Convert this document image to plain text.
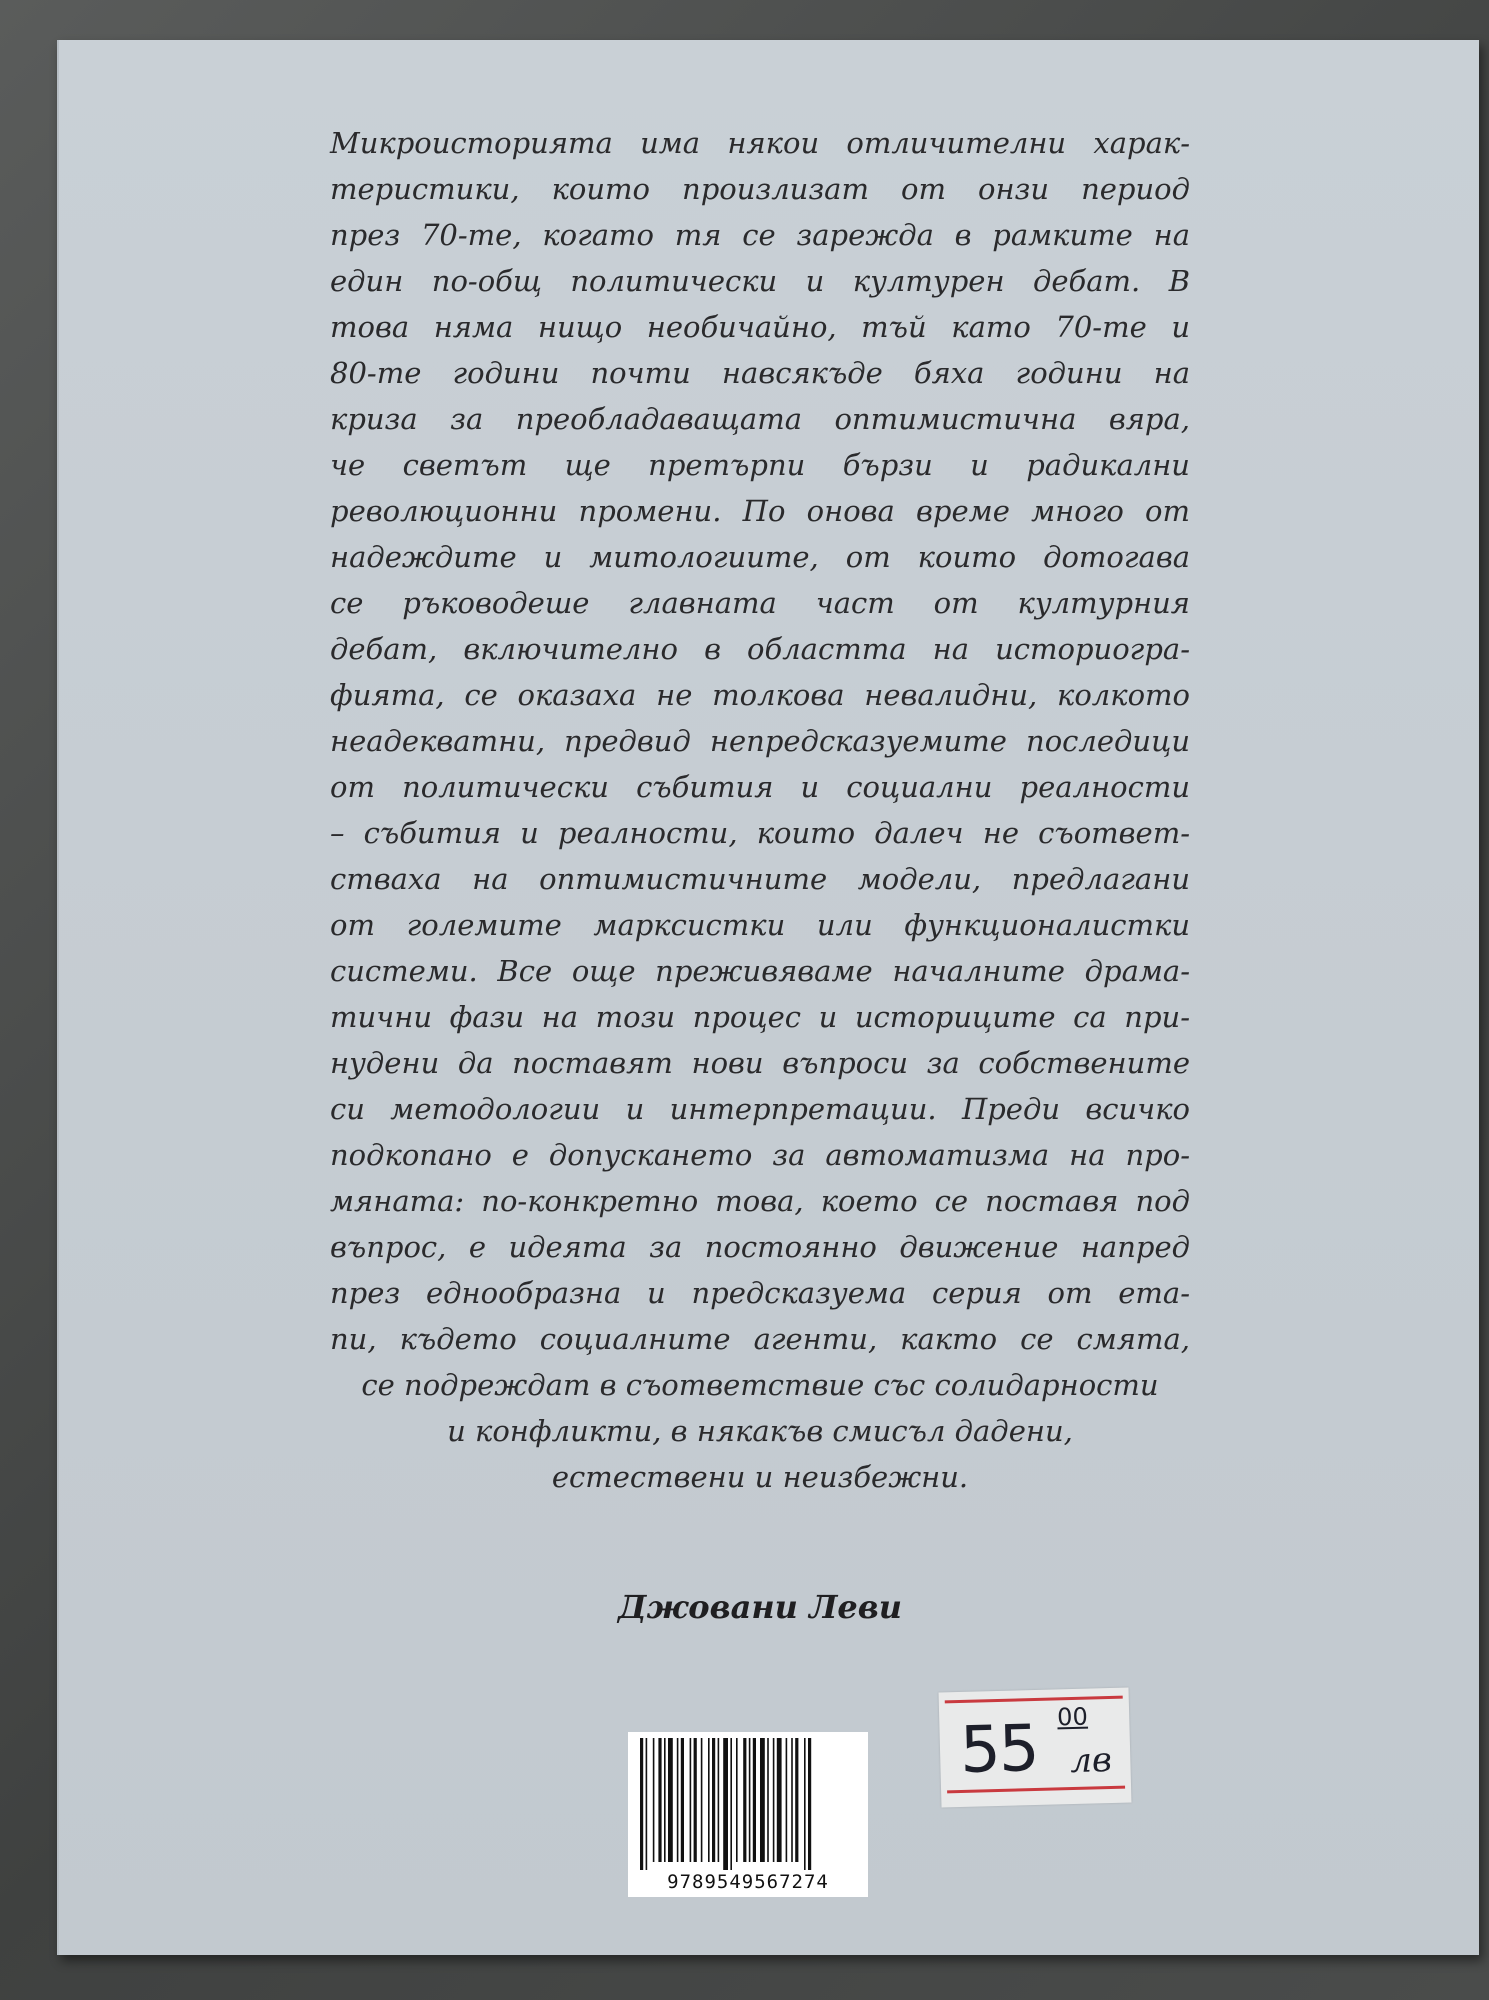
Микроисторията има някои отличителни харак-
теристики, които произлизат от онзи период
през 70-те, когато тя се зарежда в рамките на
един по-общ политически и културен дебат. В
това няма нищо необичайно, тъй като 70-те и
80-те години почти навсякъде бяха години на
криза за преобладаващата оптимистична вяра,
че светът ще претърпи бързи и радикални
революционни промени. По онова време много от
надеждите и митологиите, от които дотогава
се ръководеше главната част от културния
дебат, включително в областта на историогра-
фията, се оказаха не толкова невалидни, колкото
неадекватни, предвид непредсказуемите последици
от политически събития и социални реалности
– събития и реалности, които далеч не съответ-
стваха на оптимистичните модели, предлагани
от големите марксистки или функционалистки
системи. Все още преживяваме началните драма-
тични фази на този процес и историците са при-
нудени да поставят нови въпроси за собствените
си методологии и интерпретации. Преди всичко
подкопано е допускането за автоматизма на про-
мяната: по-конкретно това, което се поставя под
въпрос, е идеята за постоянно движение напред
през еднообразна и предсказуема серия от ета-
пи, където социалните агенти, както се смята,
се подреждат в съответствие със солидарности
и конфликти, в някакъв смисъл дадени,
естествени и неизбежни.
Джовани Леви
9789549567274
55 00
лв
